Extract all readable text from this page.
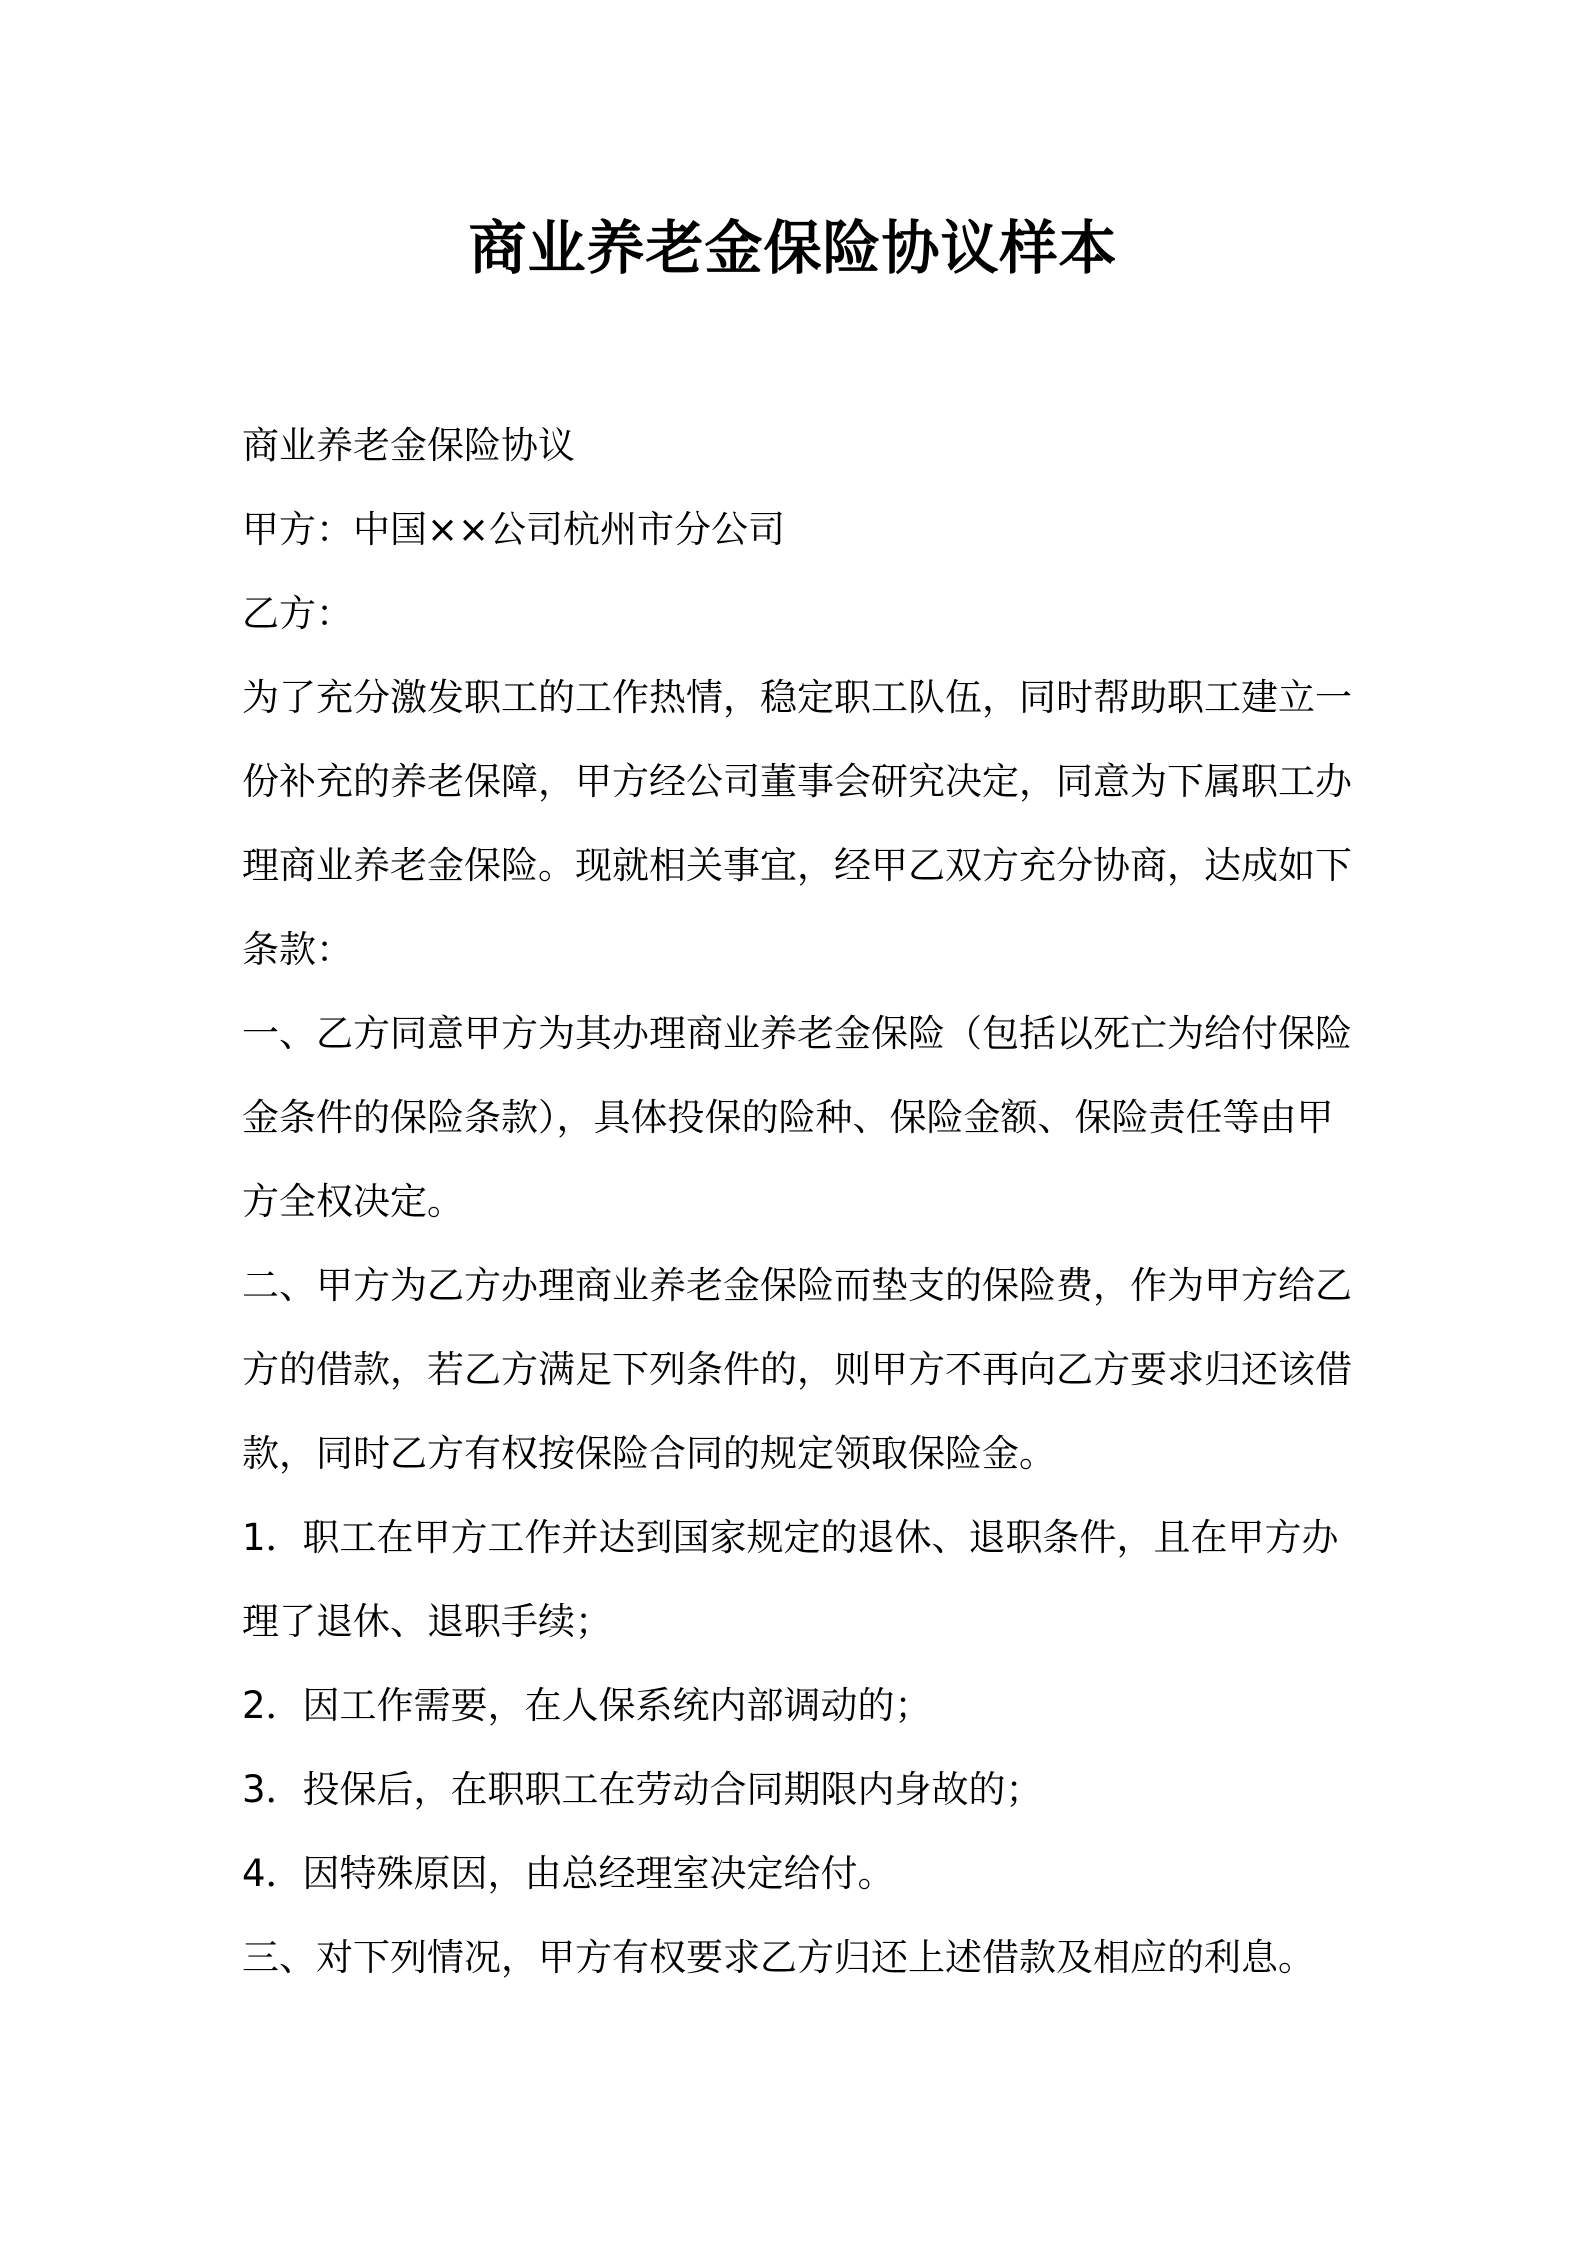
商业养老金保险协议样本

商业养老金保险协议

甲方：中国××公司杭州市分公司

乙方：

为了充分激发职工的工作热情，稳定职工队伍，同时帮助职工建立一

份补充的养老保障，甲方经公司董事会研究决定，同意为下属职工办

理商业养老金保险。现就相关事宜，经甲乙双方充分协商，达成如下

条款：

一、乙方同意甲方为其办理商业养老金保险（包括以死亡为给付保险

金条件的保险条款），具体投保的险种、保险金额、保险责任等由甲

方全权决定。

二、甲方为乙方办理商业养老金保险而垫支的保险费，作为甲方给乙

方的借款，若乙方满足下列条件的，则甲方不再向乙方要求归还该借

款，同时乙方有权按保险合同的规定领取保险金。

1．职工在甲方工作并达到国家规定的退休、退职条件，且在甲方办

理了退休、退职手续；

2．因工作需要，在人保系统内部调动的；

3．投保后，在职职工在劳动合同期限内身故的；

4．因特殊原因，由总经理室决定给付。

三、对下列情况，甲方有权要求乙方归还上述借款及相应的利息。
